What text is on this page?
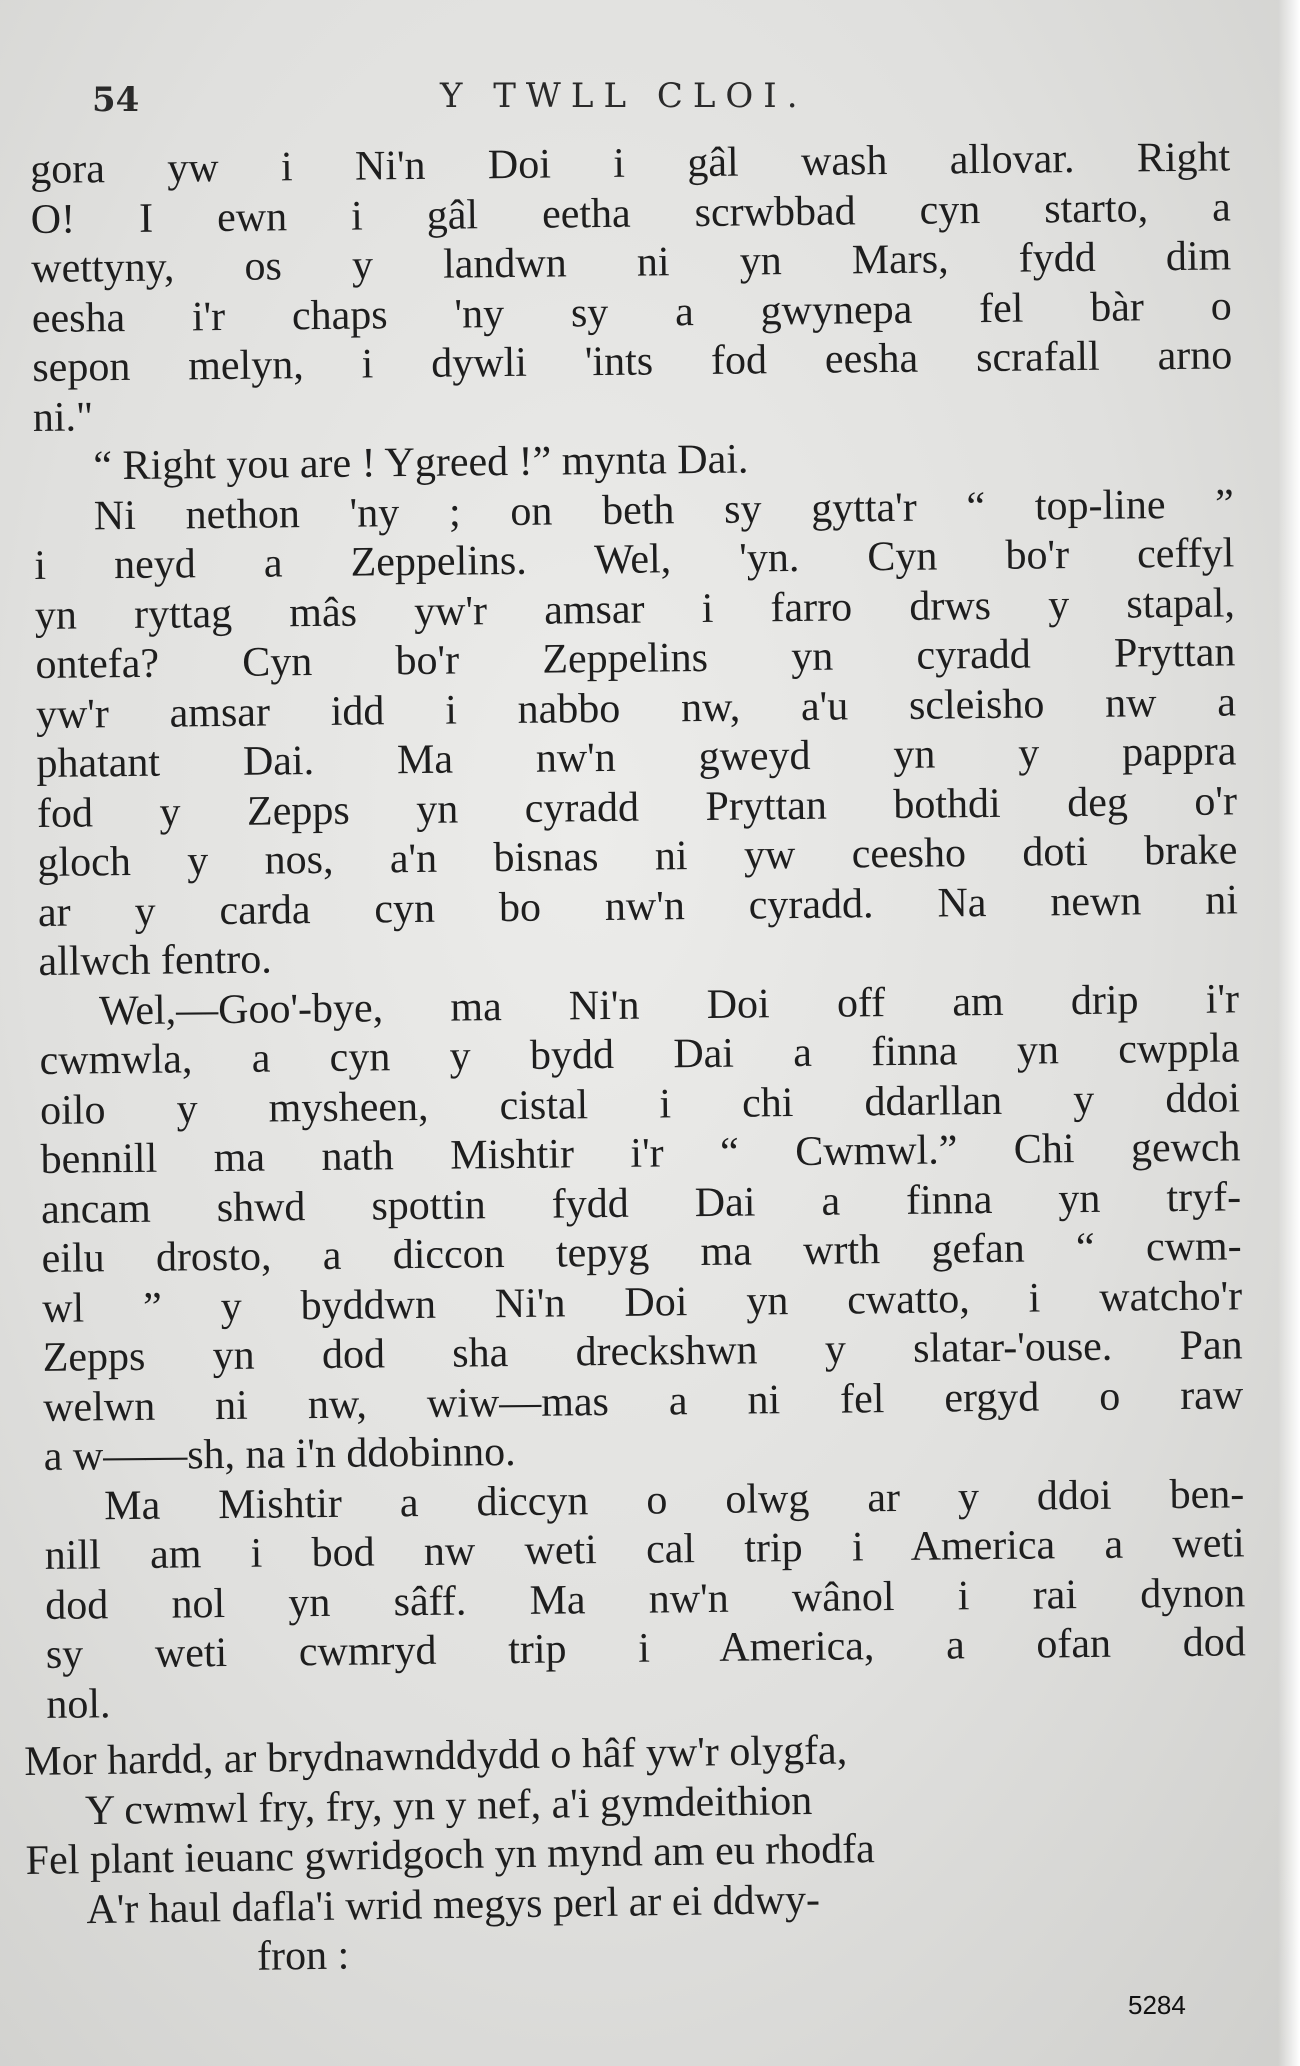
54	Y TWLL CLOI.
gora yw i Ni'n Doi i gâl wash allovar. Right
O! I ewn i gâl eetha scrwbbad cyn starto, a
wettyny, os y landwn ni yn Mars, fydd dim
eesha i'r chaps 'ny sy a gwynepa fel bàr o
sepon melyn, i dywli 'ints fod eesha scrafall arno
ni."
“ Right you are ! Ygreed !” mynta Dai.
Ni nethon 'ny ; on beth sy gytta'r “ top-line ”
i neyd a Zeppelins. Wel, 'yn. Cyn bo'r ceffyl
yn ryttag mâs yw'r amsar i farro drws y stapal,
ontefa? Cyn bo'r Zeppelins yn cyradd Pryttan
yw'r amsar idd i nabbo nw, a'u scleisho nw a
phatant Dai. Ma nw'n gweyd yn y pappra
fod y Zepps yn cyradd Pryttan bothdi deg o'r
gloch y nos, a'n bisnas ni yw ceesho doti brake
ar y carda cyn bo nw'n cyradd. Na newn ni
allwch fentro.
Wel,—Goo'-bye, ma Ni'n Doi off am drip i'r
cwmwla, a cyn y bydd Dai a finna yn cwppla
oilo y mysheen, cistal i chi ddarllan y ddoi
bennill ma nath Mishtir i'r “ Cwmwl.” Chi gewch
ancam shwd spottin fydd Dai a finna yn tryf-
eilu drosto, a diccon tepyg ma wrth gefan “ cwm-
wl ” y byddwn Ni'n Doi yn cwatto, i watcho'r
Zepps yn dod sha dreckshwn y slatar-'ouse. Pan
welwn ni nw, wiw—mas a ni fel ergyd o raw
a w——sh, na i'n ddobinno.
Ma Mishtir a diccyn o olwg ar y ddoi ben-
nill am i bod nw weti cal trip i America a weti
dod nol yn sâff. Ma nw'n wânol i rai dynon
sy weti cwmryd trip i America, a ofan dod
nol.
Mor hardd, ar brydnawnddydd o hâf yw'r olygfa,
Y cwmwl fry, fry, yn y nef, a'i gymdeithion
Fel plant ieuanc gwridgoch yn mynd am eu rhodfa
A'r haul dafla'i wrid megys perl ar ei ddwy-
fron :
5284
